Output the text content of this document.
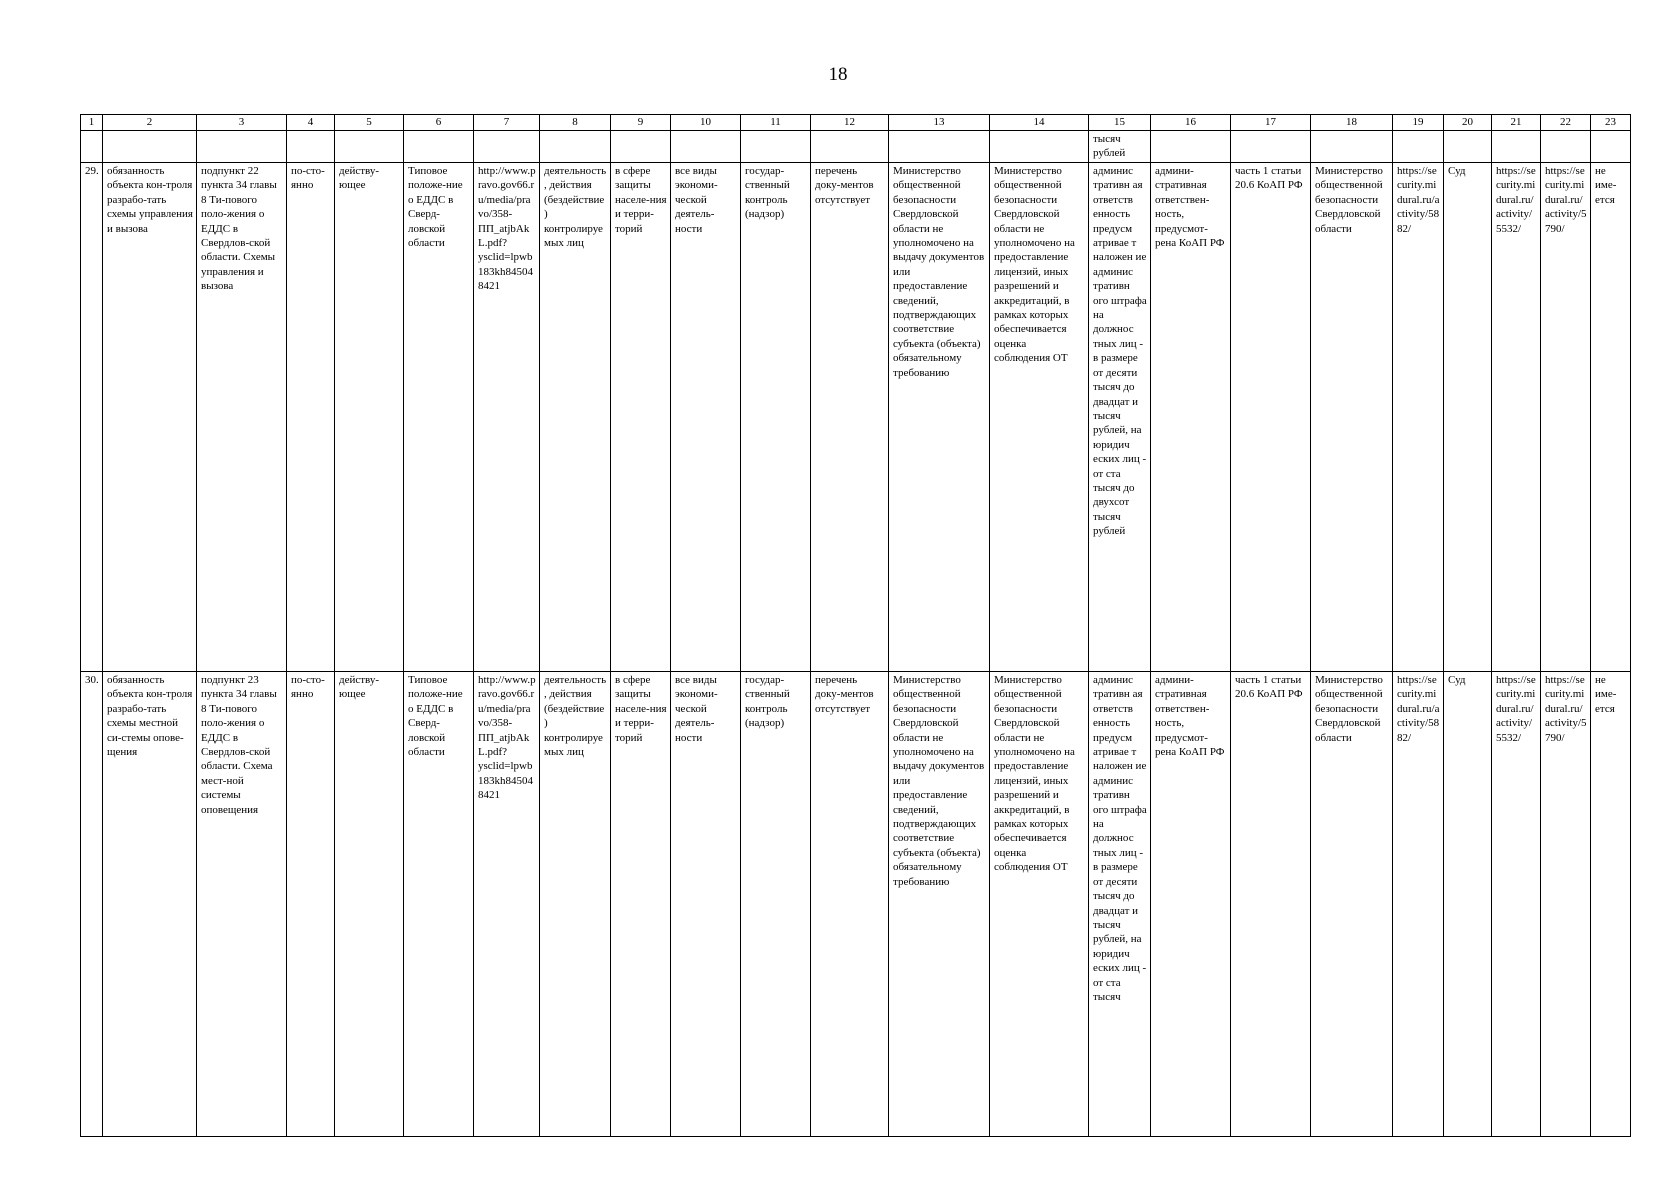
18
1	2	3	4	5	6	7	8	9	10	11	12	13	14	15	16	17	18	19	20	21	22	23
														тысяч рублей								
29.	обязанность объекта кон-троля разрабо-тать схемы управления и вызова	подпункт 22 пункта 34 главы 8 Ти-пового поло-жения о ЕДДС в Свердлов-ской области. Схемы управления и вызова	по-сто-янно	действу-ющее	Типовое положе-ние о ЕДДС в Сверд-ловской области	http://www.pravo.gov66.ru/media/pravo/358-ПП_atjbAkL.pdf?ysclid=lpwb183kh845048421	деятельность, действия (бездействие) контролируемых лиц	в сфере защиты населе-ния и терри-торий	все виды экономи-ческой деятель-ности	государ-ственный контроль (надзор)	перечень доку-ментов отсутствует	Министерство общественной безопасности Свердловской области не уполномочено на выдачу документов или предоставление сведений, подтверждающих соответствие субъекта (объекта) обязательному требованию	Министерство общественной безопасности Свердловской области не уполномочено на предоставление лицензий, иных разрешений и аккредитаций, в рамках которых обеспечивается оценка соблюдения ОТ	админис тративн ая ответств енность предусм атривае т наложен ие админис тративн ого штрафа на должнос тных лиц - в размере от десяти тысяч до двадцат и тысяч рублей, на юридич еских лиц - от ста тысяч до двухсот тысяч рублей	админи-стративная ответствен-ность, предусмот-рена КоАП РФ	часть 1 статьи 20.6 КоАП РФ	Министерство общественной безопасности Свердловской области	https://security.midural.ru/activity/5882/	Суд	https://security.midural.ru/activity/5532/	https://security.midural.ru/activity/5790/	не име-ется
30.	обязанность объекта кон-троля разрабо-тать схемы местной си-стемы опове-щения	подпункт 23 пункта 34 главы 8 Ти-пового поло-жения о ЕДДС в Свердлов-ской области. Схема мест-ной системы оповещения	по-сто-янно	действу-ющее	Типовое положе-ние о ЕДДС в Сверд-ловской области	http://www.pravo.gov66.ru/media/pravo/358-ПП_atjbAkL.pdf?ysclid=lpwb183kh845048421	деятельность, действия (бездействие) контролируемых лиц	в сфере защиты населе-ния и терри-торий	все виды экономи-ческой деятель-ности	государ-ственный контроль (надзор)	перечень доку-ментов отсутствует	Министерство общественной безопасности Свердловской области не уполномочено на выдачу документов или предоставление сведений, подтверждающих соответствие субъекта (объекта) обязательному требованию	Министерство общественной безопасности Свердловской области не уполномочено на предоставление лицензий, иных разрешений и аккредитаций, в рамках которых обеспечивается оценка соблюдения ОТ	админис тративн ая ответств енность предусм атривае т наложен ие админис тративн ого штрафа на должнос тных лиц - в размере от десяти тысяч до двадцат и тысяч рублей, на юридич еских лиц - от ста тысяч	админи-стративная ответствен-ность, предусмот-рена КоАП РФ	часть 1 статьи 20.6 КоАП РФ	Министерство общественной безопасности Свердловской области	https://security.midural.ru/activity/5882/	Суд	https://security.midural.ru/activity/5532/	https://security.midural.ru/activity/5790/	не име-ется
